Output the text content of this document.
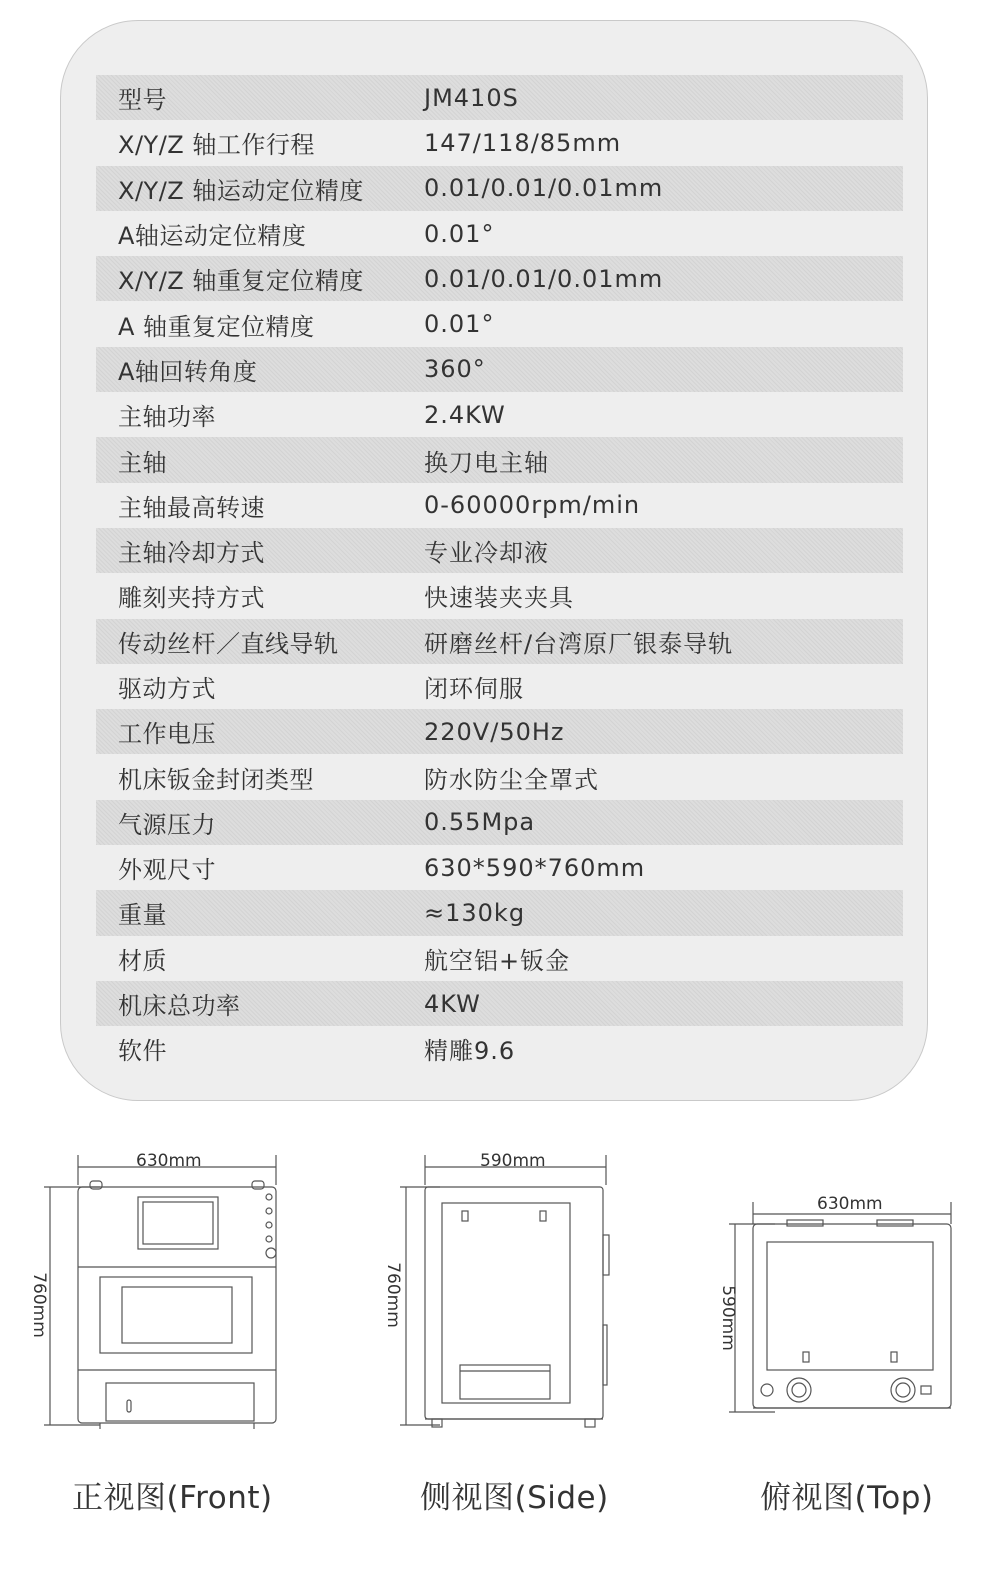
型号	JM410S
X/Y/Z 轴工作行程	147/118/85mm
X/Y/Z 轴运动定位精度	0.01/0.01/0.01mm
A轴运动定位精度	0.01°
X/Y/Z 轴重复定位精度	0.01/0.01/0.01mm
A 轴重复定位精度	0.01°
A轴回转角度	360°
主轴功率	2.4KW
主轴	换刀电主轴
主轴最高转速	0-60000rpm/min
主轴冷却方式	专业冷却液
雕刻夹持方式	快速装夹夹具
传动丝杆／直线导轨	研磨丝杆/台湾原厂银泰导轨
驱动方式	闭环伺服
工作电压	220V/50Hz
机床钣金封闭类型	防水防尘全罩式
气源压力	0.55Mpa
外观尺寸	630*590*760mm
重量	≈130kg
材质	航空铝+钣金
机床总功率	4KW
软件	精雕9.6
630mm
760mm
正视图(Front)
590mm
760mm
侧视图(Side)
630mm
590mm
俯视图(Top)
